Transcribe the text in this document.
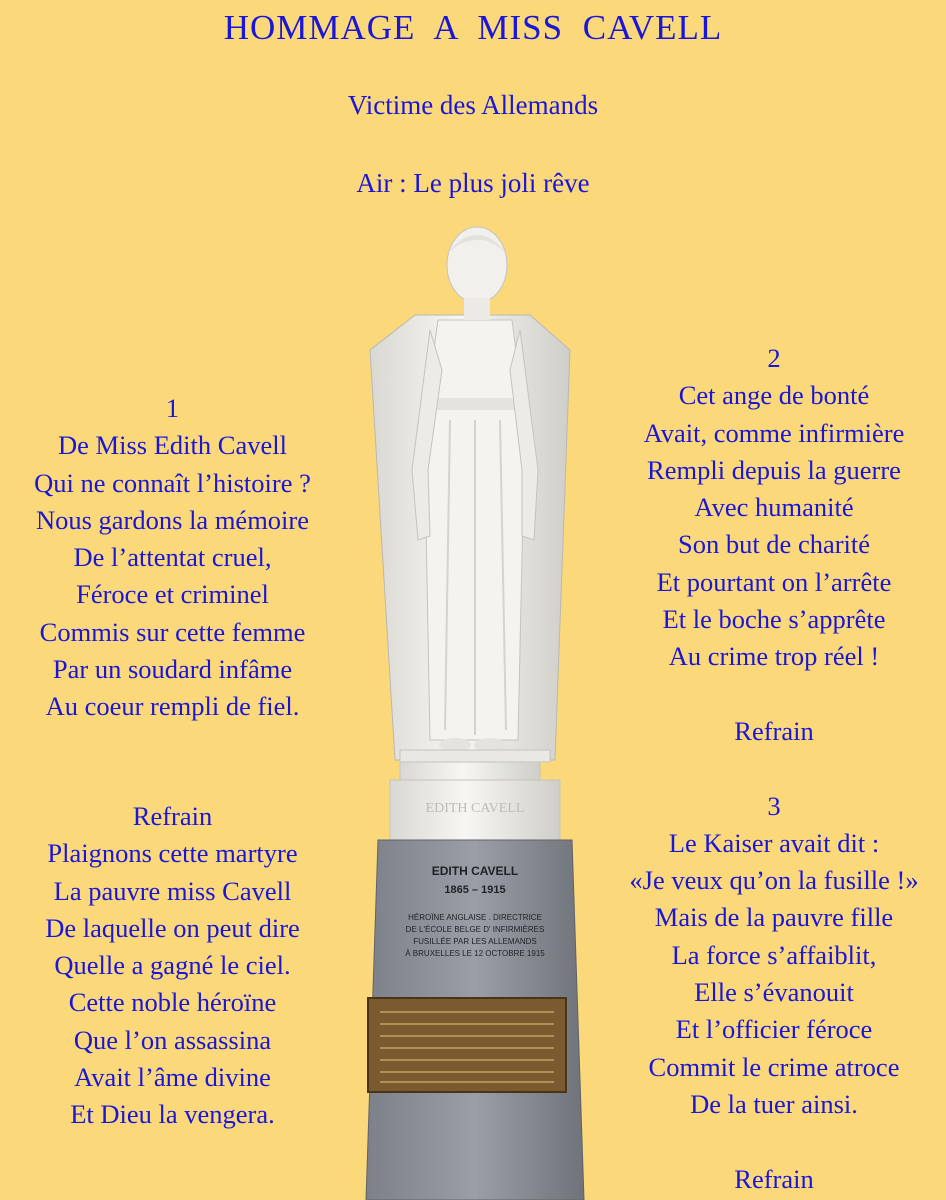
HOMMAGE A MISS CAVELL

Victime des Allemands

Air : Le plus joli rêve

1
De Miss Edith Cavell
Qui ne connaît l’histoire ?
Nous gardons la mémoire
De l’attentat cruel,
Féroce et criminel
Commis sur cette femme
Par un soudard infâme
Au coeur rempli de fiel.
Refrain
Plaignons cette martyre
La pauvre miss Cavell
De laquelle on peut dire
Quelle a gagné le ciel.
Cette noble héroïne
Que l’on assassina
Avait l’âme divine
Et Dieu la vengera.
2
Cet ange de bonté
Avait, comme infirmière
Rempli depuis la guerre
Avec humanité
Son but de charité
Et pourtant on l’arrête
Et le boche s’apprête
Au crime trop réel !
Refrain
3
Le Kaiser avait dit :
«Je veux qu’on la fusille !»
Mais de la pauvre fille
La force s’affaiblit,
Elle s’évanouit
Et l’officier féroce
Commit le crime atroce
De la tuer ainsi.
Refrain
EDITH CAVELL
EDITH CAVELL
1865 – 1915
HÉROÏNE ANGLAISE . DIRECTRICE
DE L'ÉCOLE BELGE D' INFIRMIÈRES
FUSILLÉE PAR LES ALLEMANDS
À BRUXELLES LE 12 OCTOBRE 1915
